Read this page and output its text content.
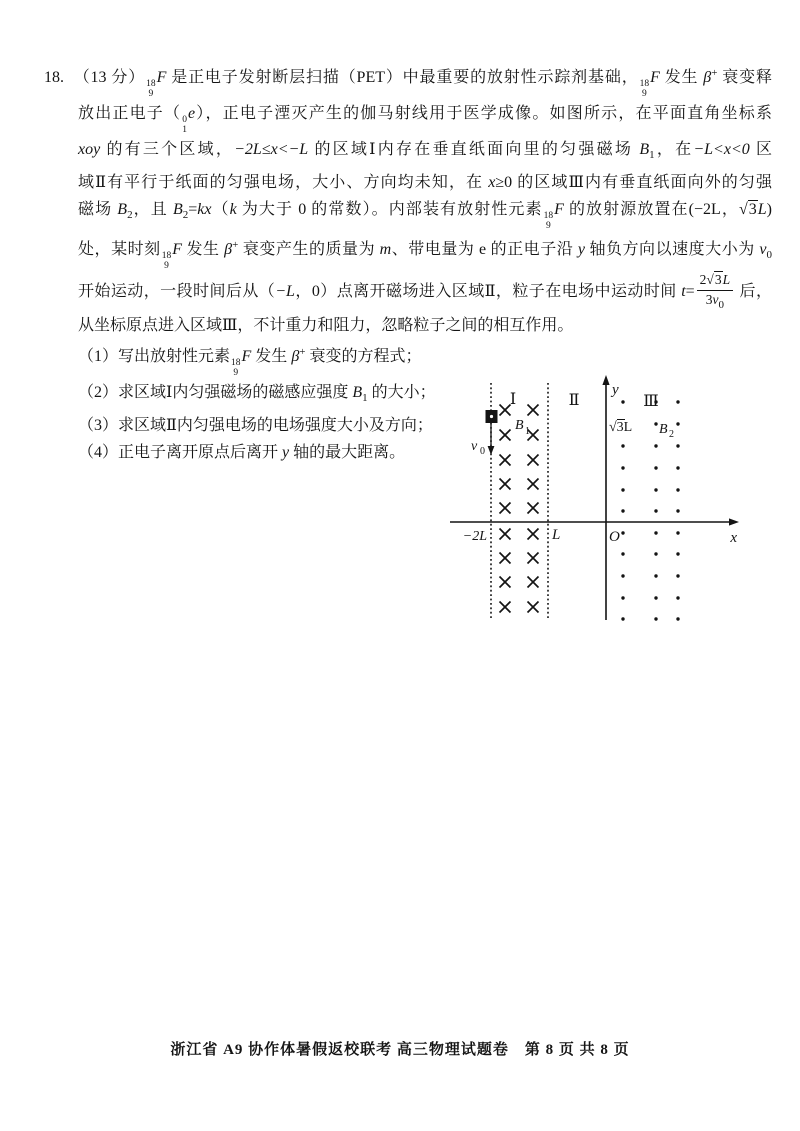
18.  （13 分） 18
9
F 是正电子发射断层扫描（PET）中最重要的放射性示踪剂基础， 18
9
F 发生 β+ 衰变释
放出正电子（ 0
1
e），正电子湮灭产生的伽马射线用于医学成像。如图所示，在平面直角坐标系
xoy 的有三个区域，−2L≤x<−L 的区域Ⅰ内存在垂直纸面向里的匀强磁场 $B_1$，在−L<x<0 区
域Ⅱ有平行于纸面的匀强电场，大小、方向均未知，在 x≥0 的区域Ⅲ内有垂直纸面向外的匀强
磁场 $B_2$，且 $B_2=kx(k$ 为大于 0 的常数）。内部装有放射性元素 18
9
F 的放射源放置在(−2L，√3L)
处，某时刻 18
9
F 发生 β+ 衰变产生的质量为 m、带电量为 e 的正电子沿 y 轴负方向以速度大小为 $v_0$
开始运动，一段时间后从（−L，0）点离开磁场进入区域Ⅱ，粒子在电场中运动时间 $t= \frac{2√3L}{3v_0}$ 后，
从坐标原点进入区域Ⅲ，不计重力和阻力，忽略粒子之间的相互作用。
（1）写出放射性元素 18
9
F 发生 β+ 衰变的方程式；
（2）求区域Ⅰ内匀强磁场的磁感应强度 $B_1$ 的大小；
（3）求区域Ⅱ内匀强电场的电场强度大小及方向；
（4）正电子离开原点后离开 y 轴的最大距离。
Ⅰ	Ⅱ	Ⅲ
y
x
O
−2L	L
√3L
B 1	B 2
v 0
浙江省 A9 协作体暑假返校联考 高三物理试题卷　第 8 页 共 8 页
